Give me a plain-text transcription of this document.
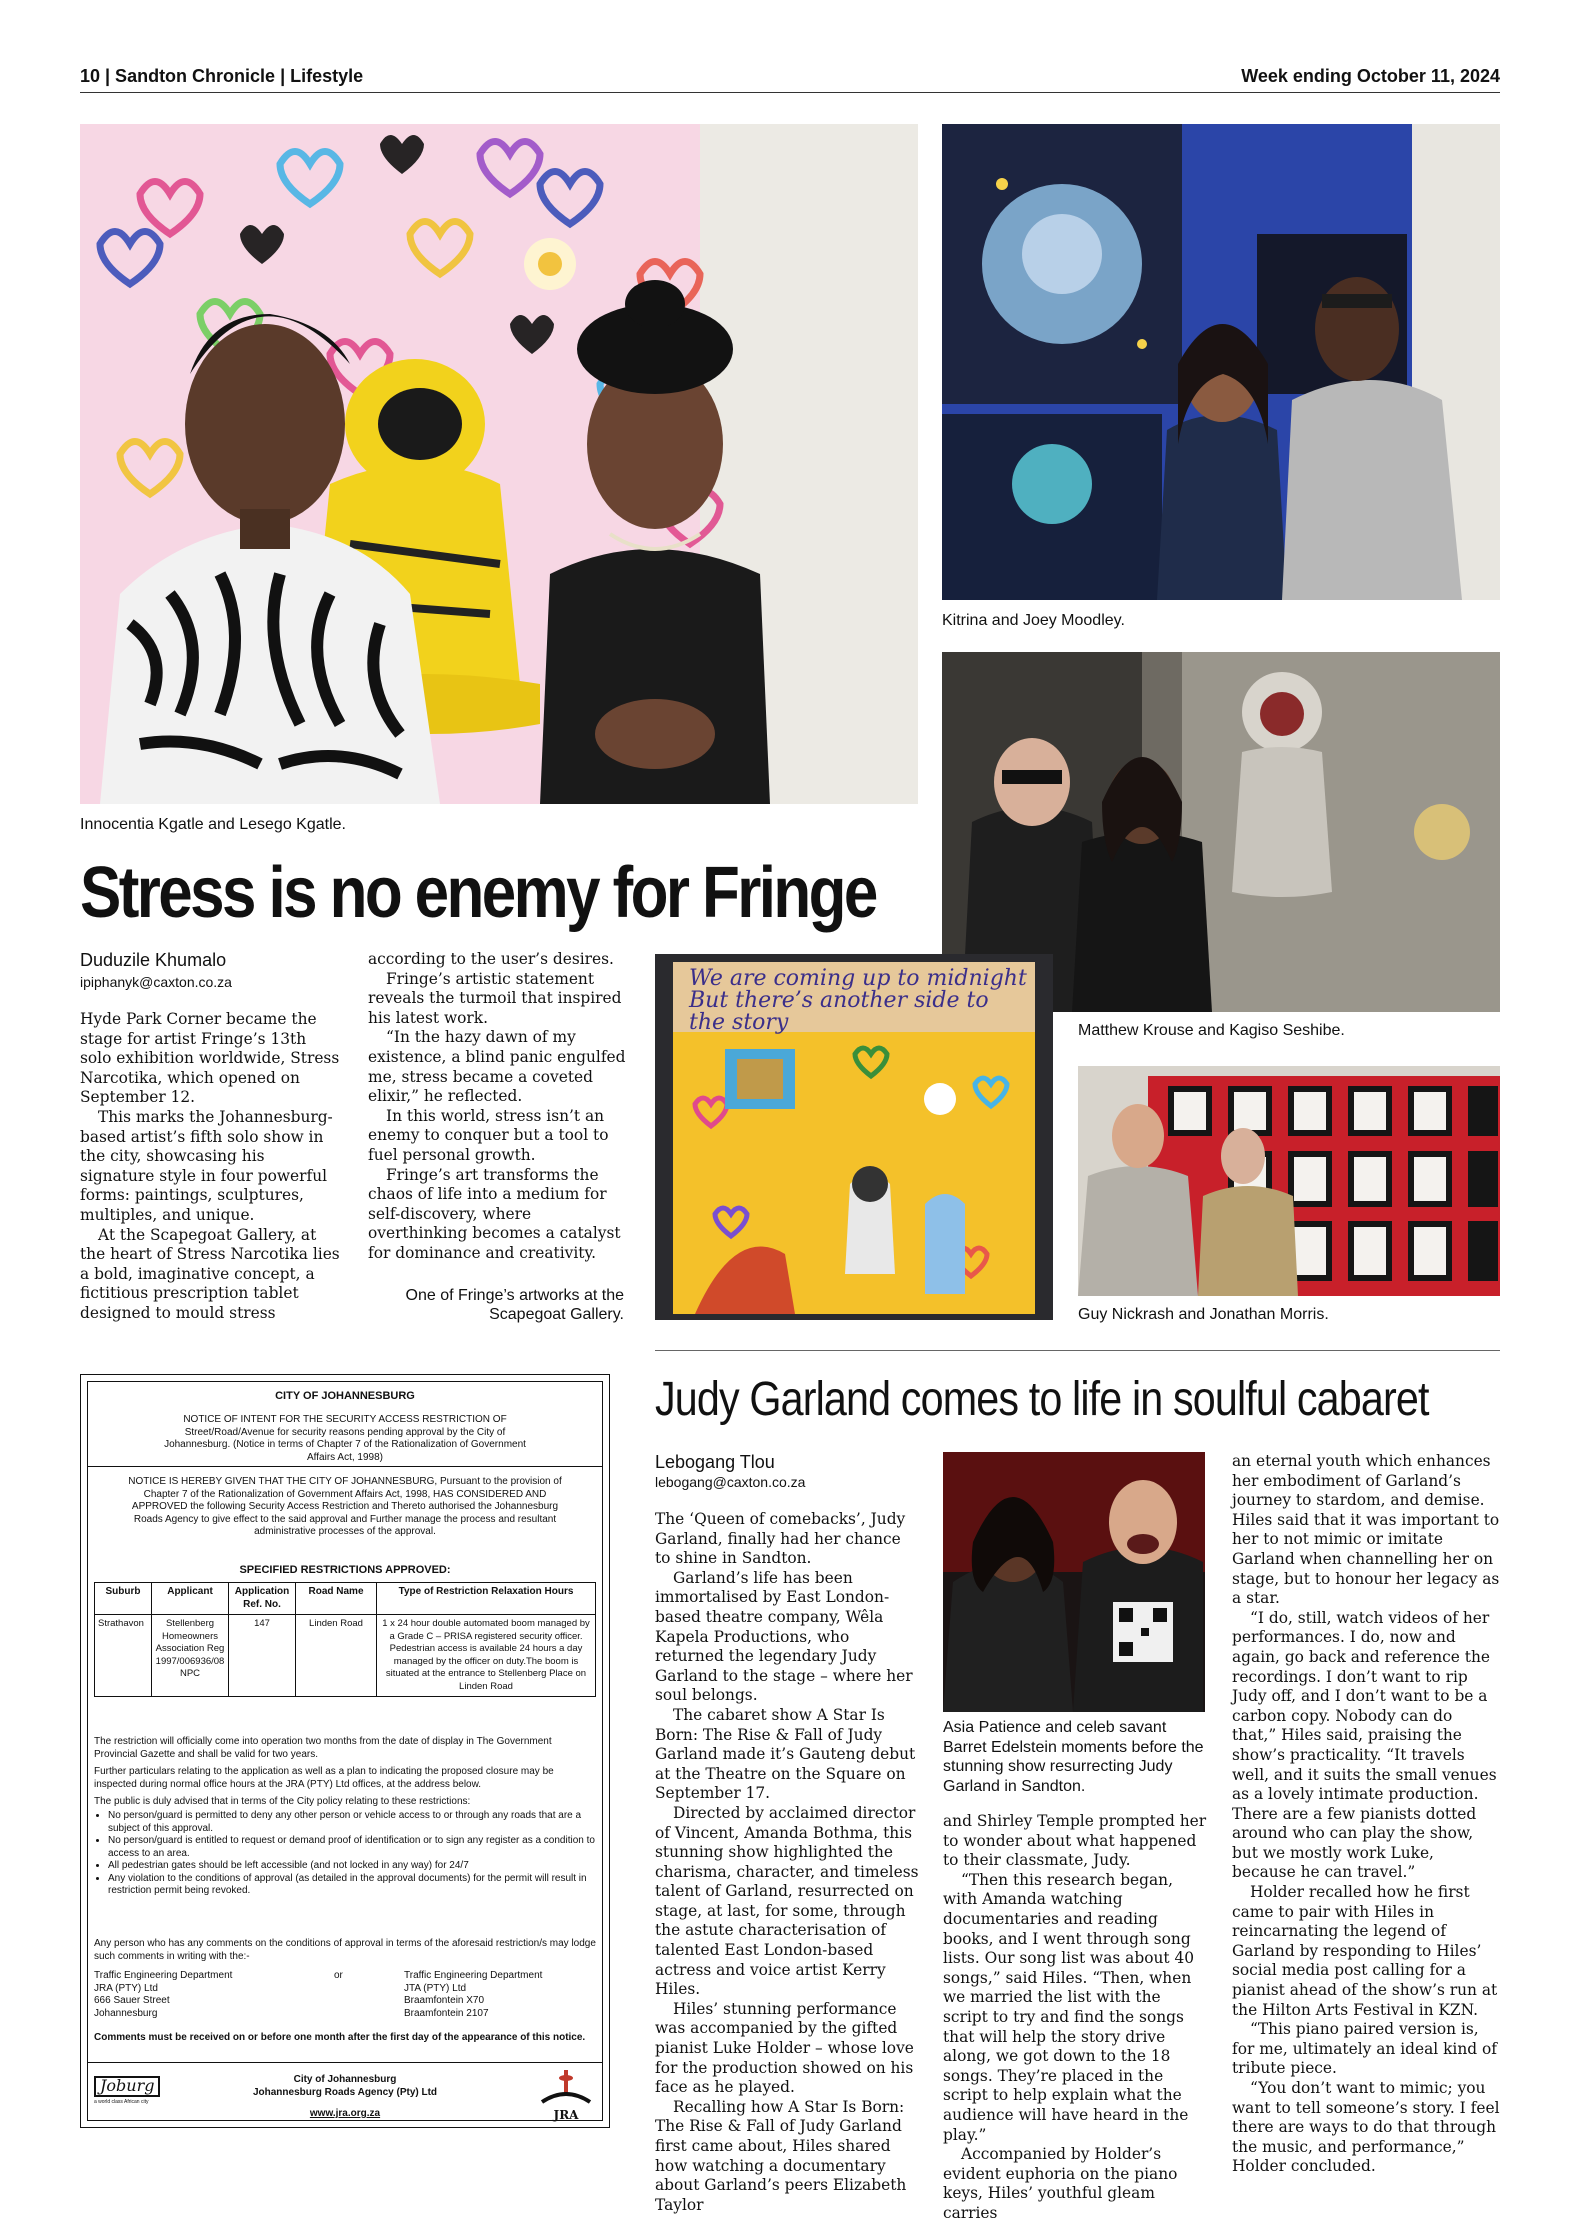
10 | Sandton Chronicle | Lifestyle	Week ending October 11, 2024
Innocentia Kgatle and Lesego Kgatle.
Kitrina and Joey Moodley.
Matthew Krouse and Kagiso Seshibe.
We are coming up to midnight But there’s another side to the story
Guy Nickrash and Jonathan Morris.
Stress is no enemy for Fringe
Duduzile Khumalo
ipiphanyk@caxton.co.za

Hyde Park Corner became the stage for artist Fringe’s 13th solo exhibition worldwide, Stress Narcotika, which opened on September 12.

This marks the Johannesburg-based artist’s fifth solo show in the city, showcasing his signature style in four powerful forms: paintings, sculptures, multiples, and unique.

At the Scapegoat Gallery, at the heart of Stress Narcotika lies a bold, imaginative concept, a fictitious prescription tablet designed to mould stress

according to the user’s desires.

Fringe’s artistic statement reveals the turmoil that inspired his latest work.

“In the hazy dawn of my existence, a blind panic engulfed me, stress became a coveted elixir,” he reflected.

In this world, stress isn’t an enemy to conquer but a tool to fuel personal growth.

Fringe’s art transforms the chaos of life into a medium for self-discovery, where overthinking becomes a catalyst for dominance and creativity.

One of Fringe’s artworks at the Scapegoat Gallery.
Judy Garland comes to life in soulful cabaret
Lebogang Tlou
lebogang@caxton.co.za

The ‘Queen of comebacks’, Judy Garland, finally had her chance to shine in Sandton.

Garland’s life has been immortalised by East London-based theatre company, Wêla Kapela Productions, who returned the legendary Judy Garland to the stage – where her soul belongs.

The cabaret show A Star Is Born: The Rise & Fall of Judy Garland made it’s Gauteng debut at the Theatre on the Square on September 17.

Directed by acclaimed director of Vincent, Amanda Bothma, this stunning show highlighted the charisma, character, and timeless talent of Garland, resurrected on stage, at last, for some, through the astute characterisation of talented East London-based actress and voice artist Kerry Hiles.

Hiles’ stunning performance was accompanied by the gifted pianist Luke Holder – whose love for the production showed on his face as he played.

Recalling how A Star Is Born: The Rise & Fall of Judy Garland first came about, Hiles shared how watching a documentary about Garland’s peers Elizabeth Taylor

Asia Patience and celeb savant Barret Edelstein moments before the stunning show resurrecting Judy Garland in Sandton.

and Shirley Temple prompted her to wonder about what happened to their classmate, Judy.

“Then this research began, with Amanda watching documentaries and reading books, and I went through song lists. Our song list was about 40 songs,” said Hiles. “Then, when we married the list with the script to try and find the songs that will help the story drive along, we got down to the 18 songs. They’re placed in the script to help explain what the audience will have heard in the play.”

Accompanied by Holder’s evident euphoria on the piano keys, Hiles’ youthful gleam carries

an eternal youth which enhances her embodiment of Garland’s journey to stardom, and demise. Hiles said that it was important to her to not mimic or imitate Garland when channelling her on stage, but to honour her legacy as a star.

“I do, still, watch videos of her performances. I do, now and again, go back and reference the recordings. I don’t want to rip Judy off, and I don’t want to be a carbon copy. Nobody can do that,” Hiles said, praising the show’s practicality. “It travels well, and it suits the small venues as a lovely intimate production. There are a few pianists dotted around who can play the show, but we mostly work Luke, because he can travel.”

Holder recalled how he first came to pair with Hiles in reincarnating the legend of Garland by responding to Hiles’ social media post calling for a pianist ahead of the show’s run at the Hilton Arts Festival in KZN.

“This piano paired version is, for me, ultimately an ideal kind of tribute piece.

“You don’t want to mimic; you want to tell someone’s story. I feel there are ways to do that through the music, and performance,” Holder concluded.

CITY OF JOHANNESBURG
NOTICE OF INTENT FOR THE SECURITY ACCESS RESTRICTION OF Street/Road/Avenue for security reasons pending approval by the City of Johannesburg. (Notice in terms of Chapter 7 of the Rationalization of Government Affairs Act, 1998)
NOTICE IS HEREBY GIVEN THAT THE CITY OF JOHANNESBURG, Pursuant to the provision of Chapter 7 of the Rationalization of Government Affairs Act, 1998, HAS CONSIDERED AND APPROVED the following Security Access Restriction and Thereto authorised the Johannesburg Roads Agency to give effect to the said approval and Further manage the process and resultant administrative processes of the approval.
SPECIFIED RESTRICTIONS APPROVED:
Suburb	Applicant	Application Ref. No.	Road Name	Type of Restriction Relaxation Hours
Strathavon	Stellenberg Homeowners Association Reg 1997/006936/08 NPC	147	Linden Road	1 x 24 hour double automated boom managed by a Grade C – PRISA registered security officer. Pedestrian access is available 24 hours a day managed by the officer on duty.The boom is situated at the entrance to Stellenberg Place on Linden Road
The restriction will officially come into operation two months from the date of display in The Government Provincial Gazette and shall be valid for two years.
Further particulars relating to the application as well as a plan to indicating the proposed closure may be inspected during normal office hours at the JRA (PTY) Ltd offices, at the address below.
The public is duly advised that in terms of the City policy relating to these restrictions:
• No person/guard is permitted to deny any other person or vehicle access to or through any roads that are a subject of this approval.
• No person/guard is entitled to request or demand proof of identification or to sign any register as a condition to access to an area.
• All pedestrian gates should be left accessible (and not locked in any way) for 24/7
• Any violation to the conditions of approval (as detailed in the approval documents) for the permit will result in restriction permit being revoked.
Any person who has any comments on the conditions of approval in terms of the aforesaid restriction/s may lodge such comments in writing with the:-
Traffic Engineering Department
JRA (PTY) Ltd
666 Sauer Street
Johannesburg
or	Traffic Engineering Department
JTA (PTY) Ltd
Braamfontein X70
Braamfontein 2107
Comments must be received on or before one month after the first day of the appearance of this notice.
Joburg
a world class African city
City of Johannesburg
Johannesburg Roads Agency (Pty) Ltd
www.jra.org.za	JRA
